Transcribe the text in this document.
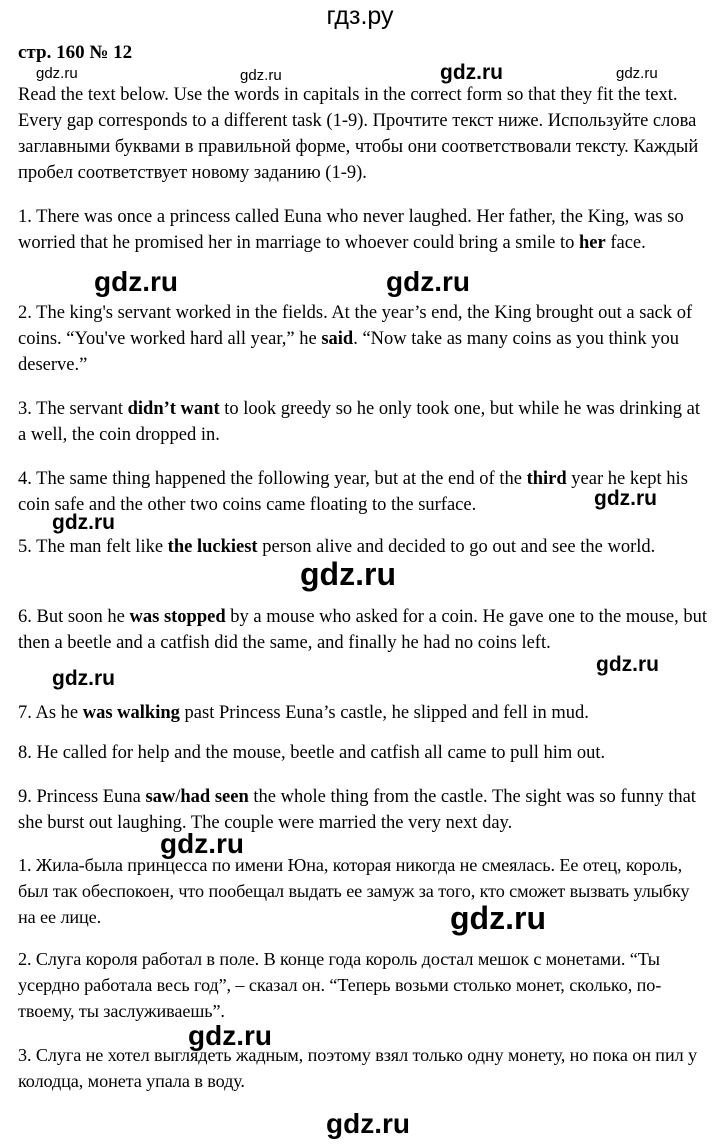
гдз.ру
стр. 160 № 12

Read the text below. Use the words in capitals in the correct form so that they fit the text. Every gap corresponds to a different task (1-9). Прочтите текст ниже. Используйте слова заглавными буквами в правильной форме, чтобы они соответствовали тексту. Каждый пробел соответствует новому заданию (1-9).

1. There was once a princess called Euna who never laughed. Her father, the King, was so worried that he promised her in marriage to whoever could bring a smile to her face.

2. The king's servant worked in the fields. At the year’s end, the King brought out a sack of coins. “You've worked hard all year,” he said. “Now take as many coins as you think you deserve.”

3. The servant didn’t want to look greedy so he only took one, but while he was drinking at a well, the coin dropped in.

4. The same thing happened the following year, but at the end of the third year he kept his coin safe and the other two coins came floating to the surface.

5. The man felt like the luckiest person alive and decided to go out and see the world.

6. But soon he was stopped by a mouse who asked for a coin. He gave one to the mouse, but then a beetle and a catfish did the same, and finally he had no coins left.

7. As he was walking past Princess Euna’s castle, he slipped and fell in mud.

8. He called for help and the mouse, beetle and catfish all came to pull him out.

9. Princess Euna saw/had seen the whole thing from the castle. The sight was so funny that she burst out laughing. The couple were married the very next day.

1. Жила-была принцесса по имени Юна, которая никогда не смеялась. Ее отец, король, был так обеспокоен, что пообещал выдать ее замуж за того, кто сможет вызвать улыбку на ее лице.

2. Слуга короля работал в поле. В конце года король достал мешок с монетами. “Ты усердно работала весь год”, – сказал он. “Теперь возьми столько монет, сколько, по-твоему, ты заслуживаешь”.

3. Слуга не хотел выглядеть жадным, поэтому взял только одну монету, но пока он пил у колодца, монета упала в воду.

gdz.ru	gdz.ru	gdz.ru	gdz.ru
gdz.ru	gdz.ru
gdz.ru
gdz.ru
gdz.ru
gdz.ru
gdz.ru
gdz.ru
gdz.ru
gdz.ru
gdz.ru
